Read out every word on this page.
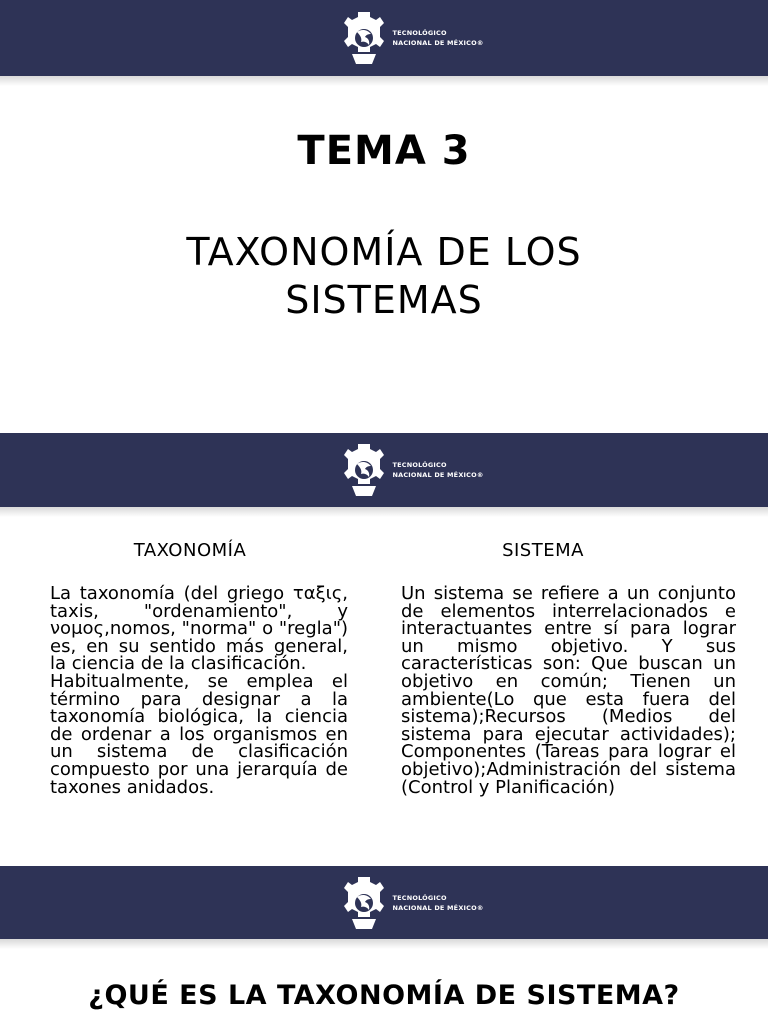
TECNOLÓGICO
NACIONAL DE MÉXICO®
TEMA 3
TAXONOMÍA DE LOS
SISTEMAS
TECNOLÓGICO
NACIONAL DE MÉXICO®
TAXONOMÍA	SISTEMA

La taxonomía (del griego ταξις, taxis, "ordenamiento", y νομος,nomos, "norma" o "regla") es, en su sentido más general, la ciencia de la clasificación.

Habitualmente, se emplea el término para designar a la taxonomía biológica, la ciencia de ordenar a los organismos en un sistema de clasificación compuesto por una jerarquía de taxones anidados.

Un sistema se refiere a un conjunto de elementos interrelacionados e interactuantes entre sí para lograr un mismo objetivo. Y sus características son: Que buscan un objetivo en común; Tienen un ambiente(Lo que esta fuera del sistema);Recursos (Medios del sistema para ejecutar actividades); Componentes (Tareas para lograr el objetivo);Administración del sistema (Control y Planificación)

TECNOLÓGICO
NACIONAL DE MÉXICO®
¿QUÉ ES LA TAXONOMÍA DE SISTEMA?
